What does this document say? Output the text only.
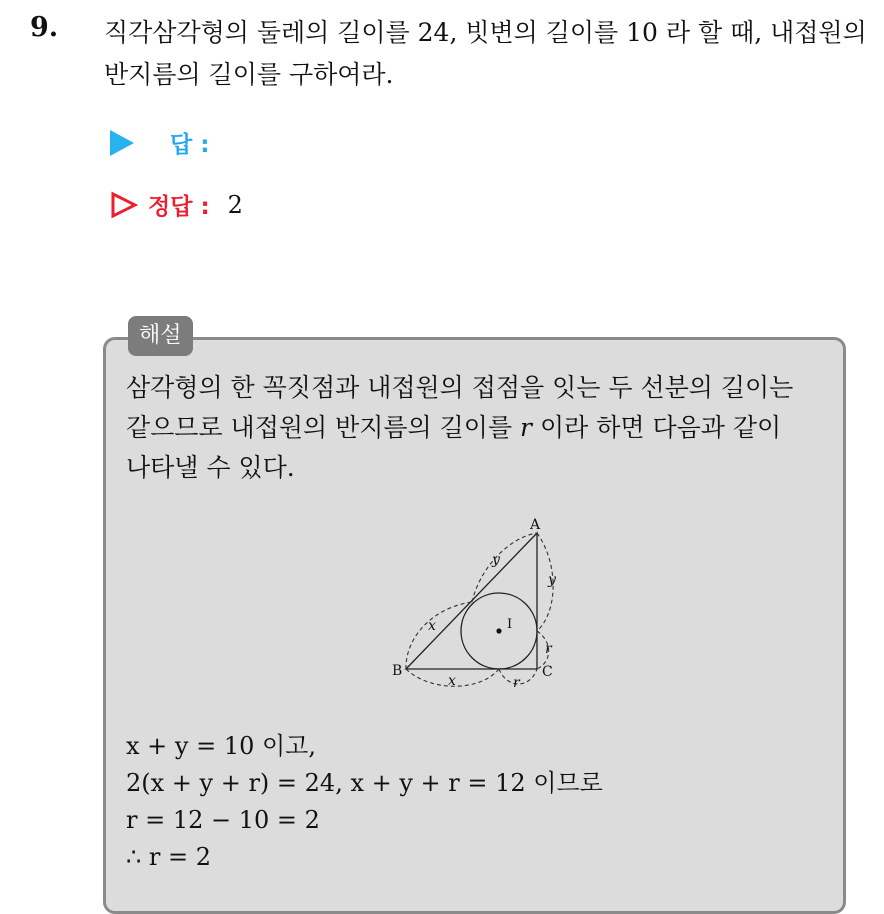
9. 직각삼각형의 둘레의 길이를 24, 빗변의 길이를 10 라 할 때, 내접원의
반지름의 길이를 구하여라.
답 :
정답 : 2
해설
삼각형의 한 꼭짓점과 내접원의 접점을 잇는 두 선분의 길이는
같으므로 내접원의 반지름의 길이를 r 이라 하면 다음과 같이
나타낼 수 있다.
A
B	C
I
x
x
y
y
r
r
x + y = 10 이고,
2(x + y + r) = 24, x + y + r = 12 이므로
r = 12 − 10 = 2
∴ r = 2
